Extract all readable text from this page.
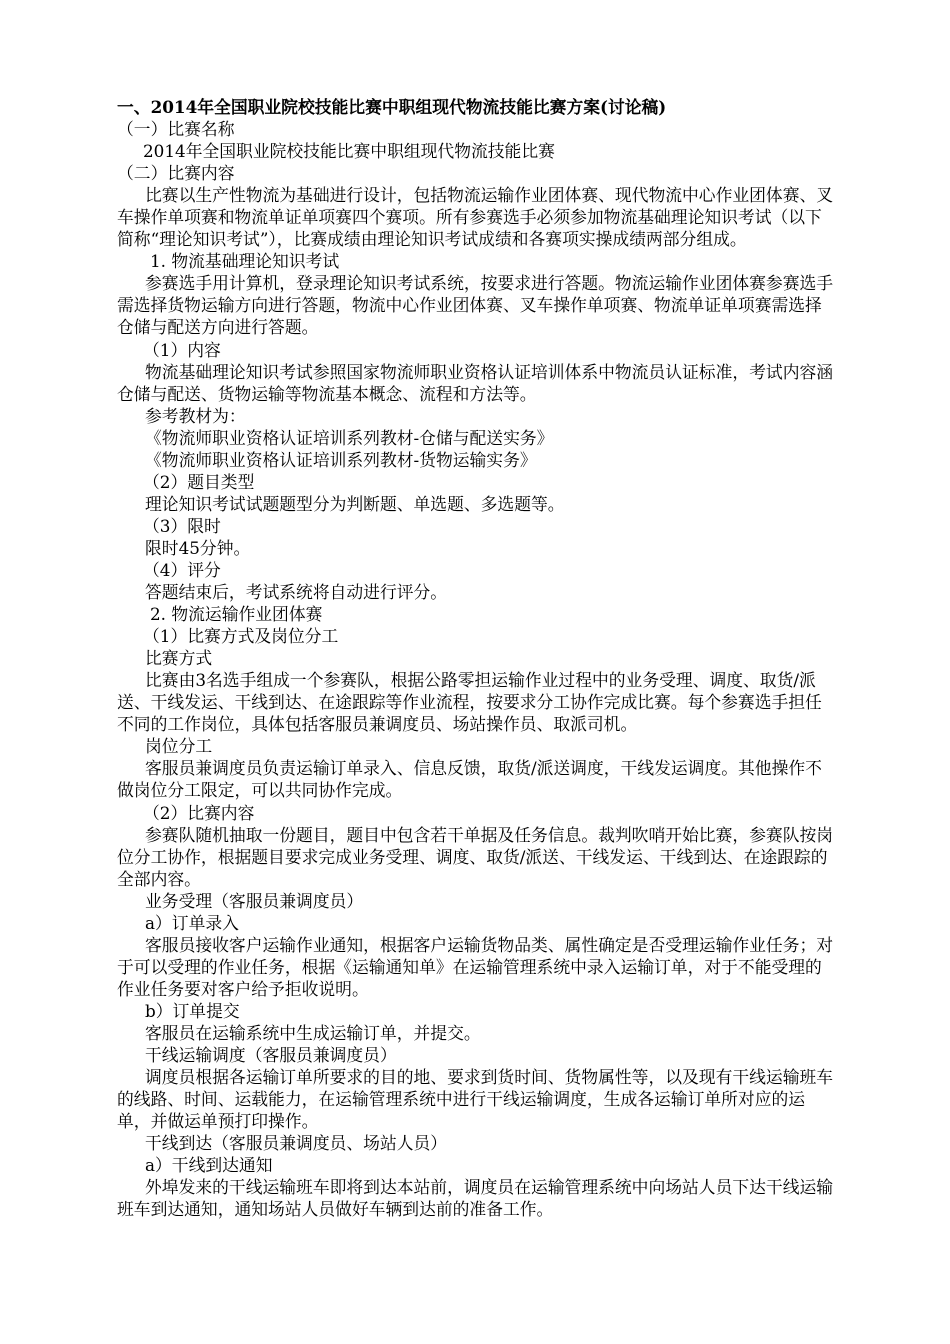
一、2014年全国职业院校技能比赛中职组现代物流技能比赛方案(讨论稿)

（一）比赛名称

2014年全国职业院校技能比赛中职组现代物流技能比赛

（二）比赛内容

比赛以生产性物流为基础进行设计，包括物流运输作业团体赛、现代物流中心作业团体赛、叉车操作单项赛和物流单证单项赛四个赛项。所有参赛选手必须参加物流基础理论知识考试（以下简称“理论知识考试”），比赛成绩由理论知识考试成绩和各赛项实操成绩两部分组成。

1. 物流基础理论知识考试

参赛选手用计算机，登录理论知识考试系统，按要求进行答题。物流运输作业团体赛参赛选手需选择货物运输方向进行答题，物流中心作业团体赛、叉车操作单项赛、物流单证单项赛需选择仓储与配送方向进行答题。

（1）内容

物流基础理论知识考试参照国家物流师职业资格认证培训体系中物流员认证标准，考试内容涵仓储与配送、货物运输等物流基本概念、流程和方法等。

参考教材为：

《物流师职业资格认证培训系列教材-仓储与配送实务》

《物流师职业资格认证培训系列教材-货物运输实务》

（2）题目类型

理论知识考试试题题型分为判断题、单选题、多选题等。

（3）限时

限时45分钟。

（4）评分

答题结束后，考试系统将自动进行评分。

2. 物流运输作业团体赛

（1）比赛方式及岗位分工

比赛方式

比赛由3名选手组成一个参赛队，根据公路零担运输作业过程中的业务受理、调度、取货/派送、干线发运、干线到达、在途跟踪等作业流程，按要求分工协作完成比赛。每个参赛选手担任不同的工作岗位，具体包括客服员兼调度员、场站操作员、取派司机。

岗位分工

客服员兼调度员负责运输订单录入、信息反馈，取货/派送调度，干线发运调度。其他操作不做岗位分工限定，可以共同协作完成。

（2）比赛内容

参赛队随机抽取一份题目，题目中包含若干单据及任务信息。裁判吹哨开始比赛，参赛队按岗位分工协作，根据题目要求完成业务受理、调度、取货/派送、干线发运、干线到达、在途跟踪的全部内容。

业务受理（客服员兼调度员）

a）订单录入

客服员接收客户运输作业通知，根据客户运输货物品类、属性确定是否受理运输作业任务；对于可以受理的作业任务，根据《运输通知单》在运输管理系统中录入运输订单，对于不能受理的作业任务要对客户给予拒收说明。

b）订单提交

客服员在运输系统中生成运输订单，并提交。

干线运输调度（客服员兼调度员）

调度员根据各运输订单所要求的目的地、要求到货时间、货物属性等，以及现有干线运输班车的线路、时间、运载能力，在运输管理系统中进行干线运输调度，生成各运输订单所对应的运单，并做运单预打印操作。

干线到达（客服员兼调度员、场站人员）

a）干线到达通知

外埠发来的干线运输班车即将到达本站前，调度员在运输管理系统中向场站人员下达干线运输班车到达通知，通知场站人员做好车辆到达前的准备工作。
